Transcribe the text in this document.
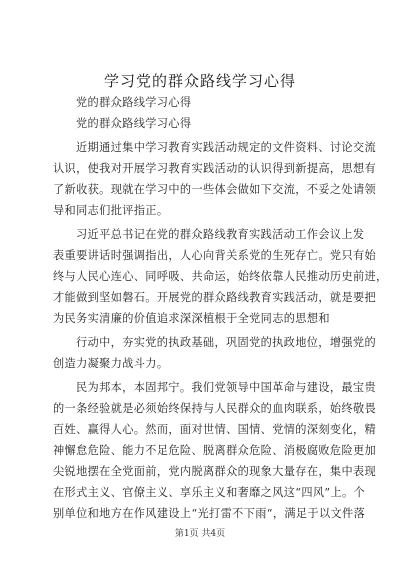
学习党的群众路线学习心得
党的群众路线学习心得
党的群众路线学习心得
近期通过集中学习教育实践活动规定的文件资料、讨论交流
认识，使我对开展学习教育实践活动的认识得到新提高，思想有
了新收获。现就在学习中的一些体会做如下交流，不妥之处请领
导和同志们批评指正。
习近平总书记在党的群众路线教育实践活动工作会议上发
表重要讲话时强调指出，人心向背关系党的生死存亡。党只有始
终与人民心连心、同呼吸、共命运，始终依靠人民推动历史前进，
才能做到坚如磐石。开展党的群众路线教育实践活动，就是要把
为民务实清廉的价值追求深深植根于全党同志的思想和
行动中，夯实党的执政基础，巩固党的执政地位，增强党的
创造力凝聚力战斗力。
民为邦本，本固邦宁。我们党领导中国革命与建设，最宝贵
的一条经验就是必须始终保持与人民群众的血肉联系，始终敬畏
百姓、赢得人心。然而，面对世情、国情、党情的深刻变化，精
神懈怠危险、能力不足危险、脱离群众危险、消极腐败危险更加
尖锐地摆在全党面前，党内脱离群众的现象大量存在，集中表现
在形式主义、官僚主义、享乐主义和奢靡之风这“四风”上。个
别单位和地方在作风建设上“光打雷不下雨“，满足于以文件落
第1页 共4页
